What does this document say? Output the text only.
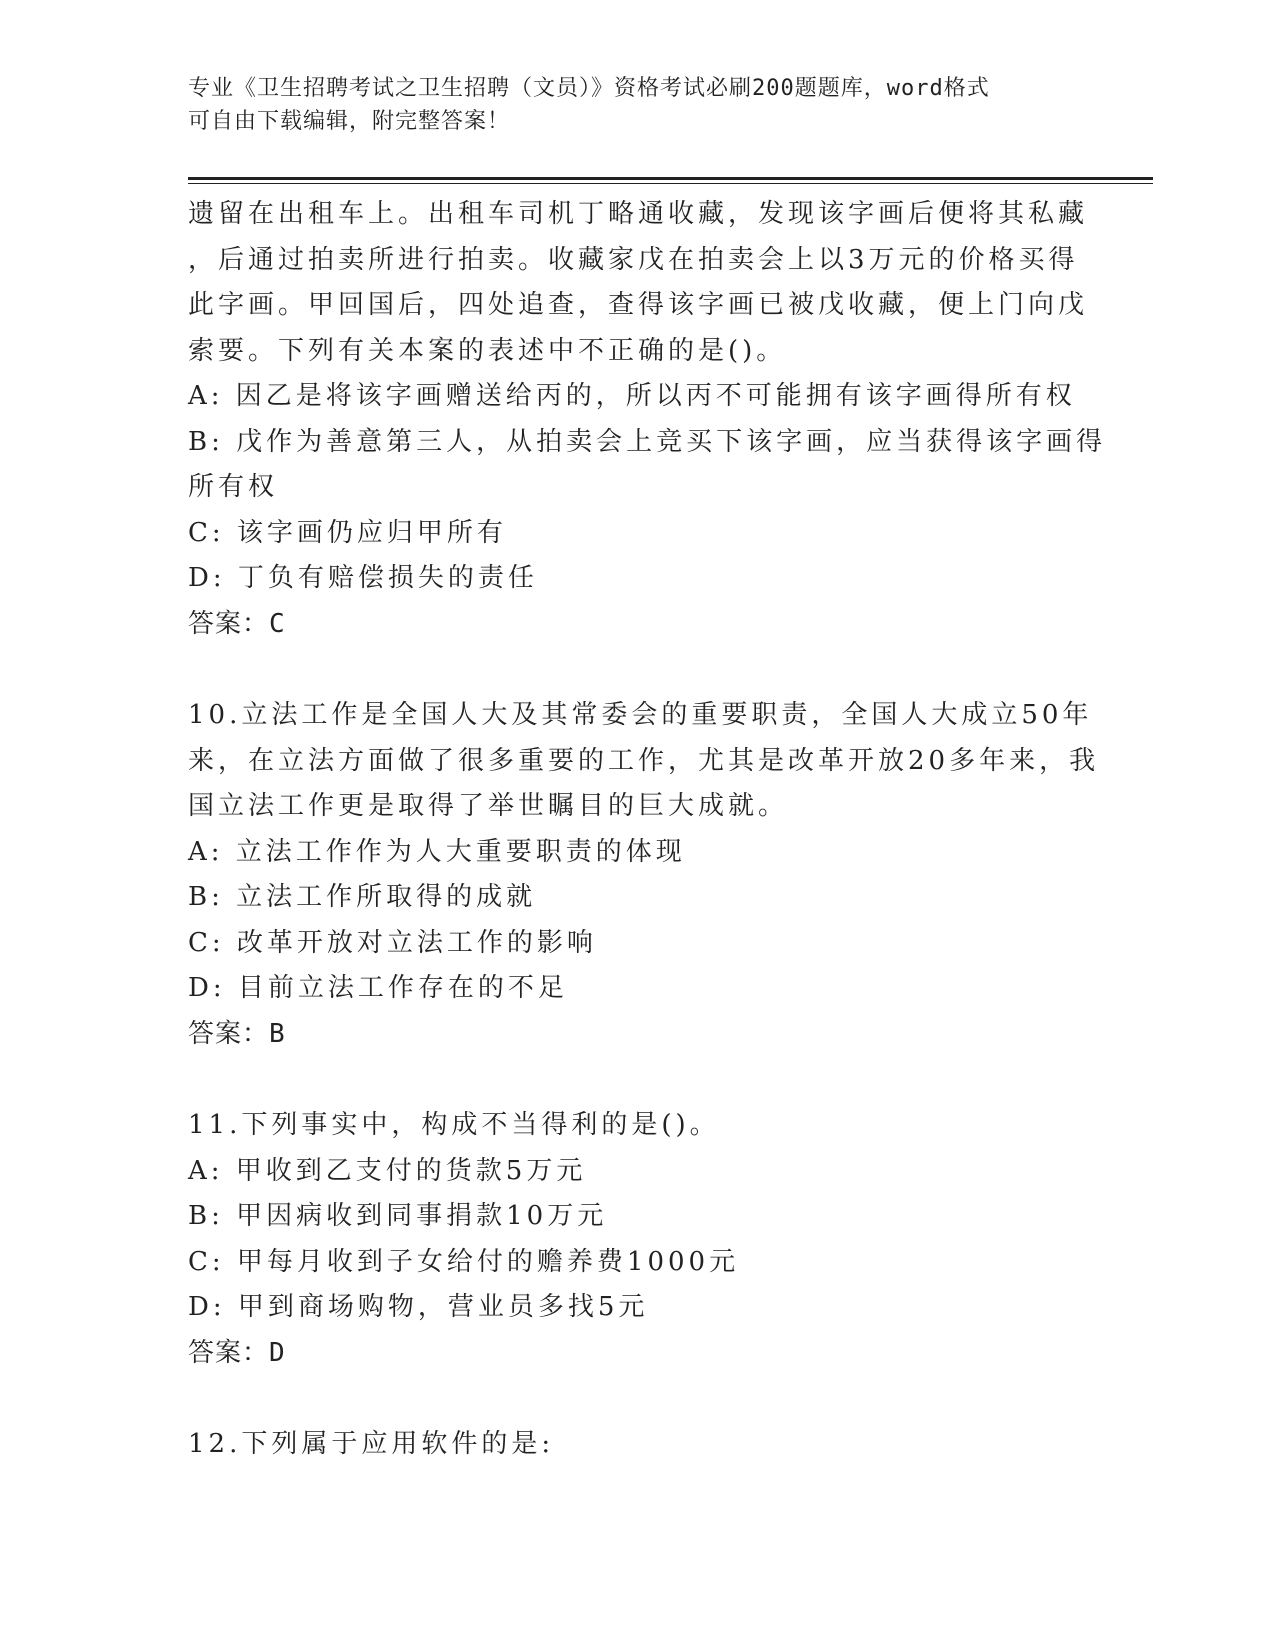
专业《卫生招聘考试之卫生招聘（文员）》资格考试必刷200题题库，word格式
可自由下载编辑，附完整答案！
遗留在出租车上。出租车司机丁略通收藏，发现该字画后便将其私藏
，后通过拍卖所进行拍卖。收藏家戊在拍卖会上以3万元的价格买得
此字画。甲回国后，四处追查，查得该字画已被戊收藏，便上门向戊
索要。下列有关本案的表述中不正确的是()。
A: 因乙是将该字画赠送给丙的，所以丙不可能拥有该字画得所有权
B: 戊作为善意第三人，从拍卖会上竞买下该字画，应当获得该字画得
所有权
C: 该字画仍应归甲所有
D: 丁负有赔偿损失的责任
答案：C
10.立法工作是全国人大及其常委会的重要职责，全国人大成立50年
来，在立法方面做了很多重要的工作，尤其是改革开放20多年来，我
国立法工作更是取得了举世瞩目的巨大成就。
A: 立法工作作为人大重要职责的体现
B: 立法工作所取得的成就
C: 改革开放对立法工作的影响
D: 目前立法工作存在的不足
答案：B
11.下列事实中，构成不当得利的是()。
A: 甲收到乙支付的货款5万元
B: 甲因病收到同事捐款10万元
C: 甲每月收到子女给付的赡养费1000元
D: 甲到商场购物，营业员多找5元
答案：D
12.下列属于应用软件的是:
